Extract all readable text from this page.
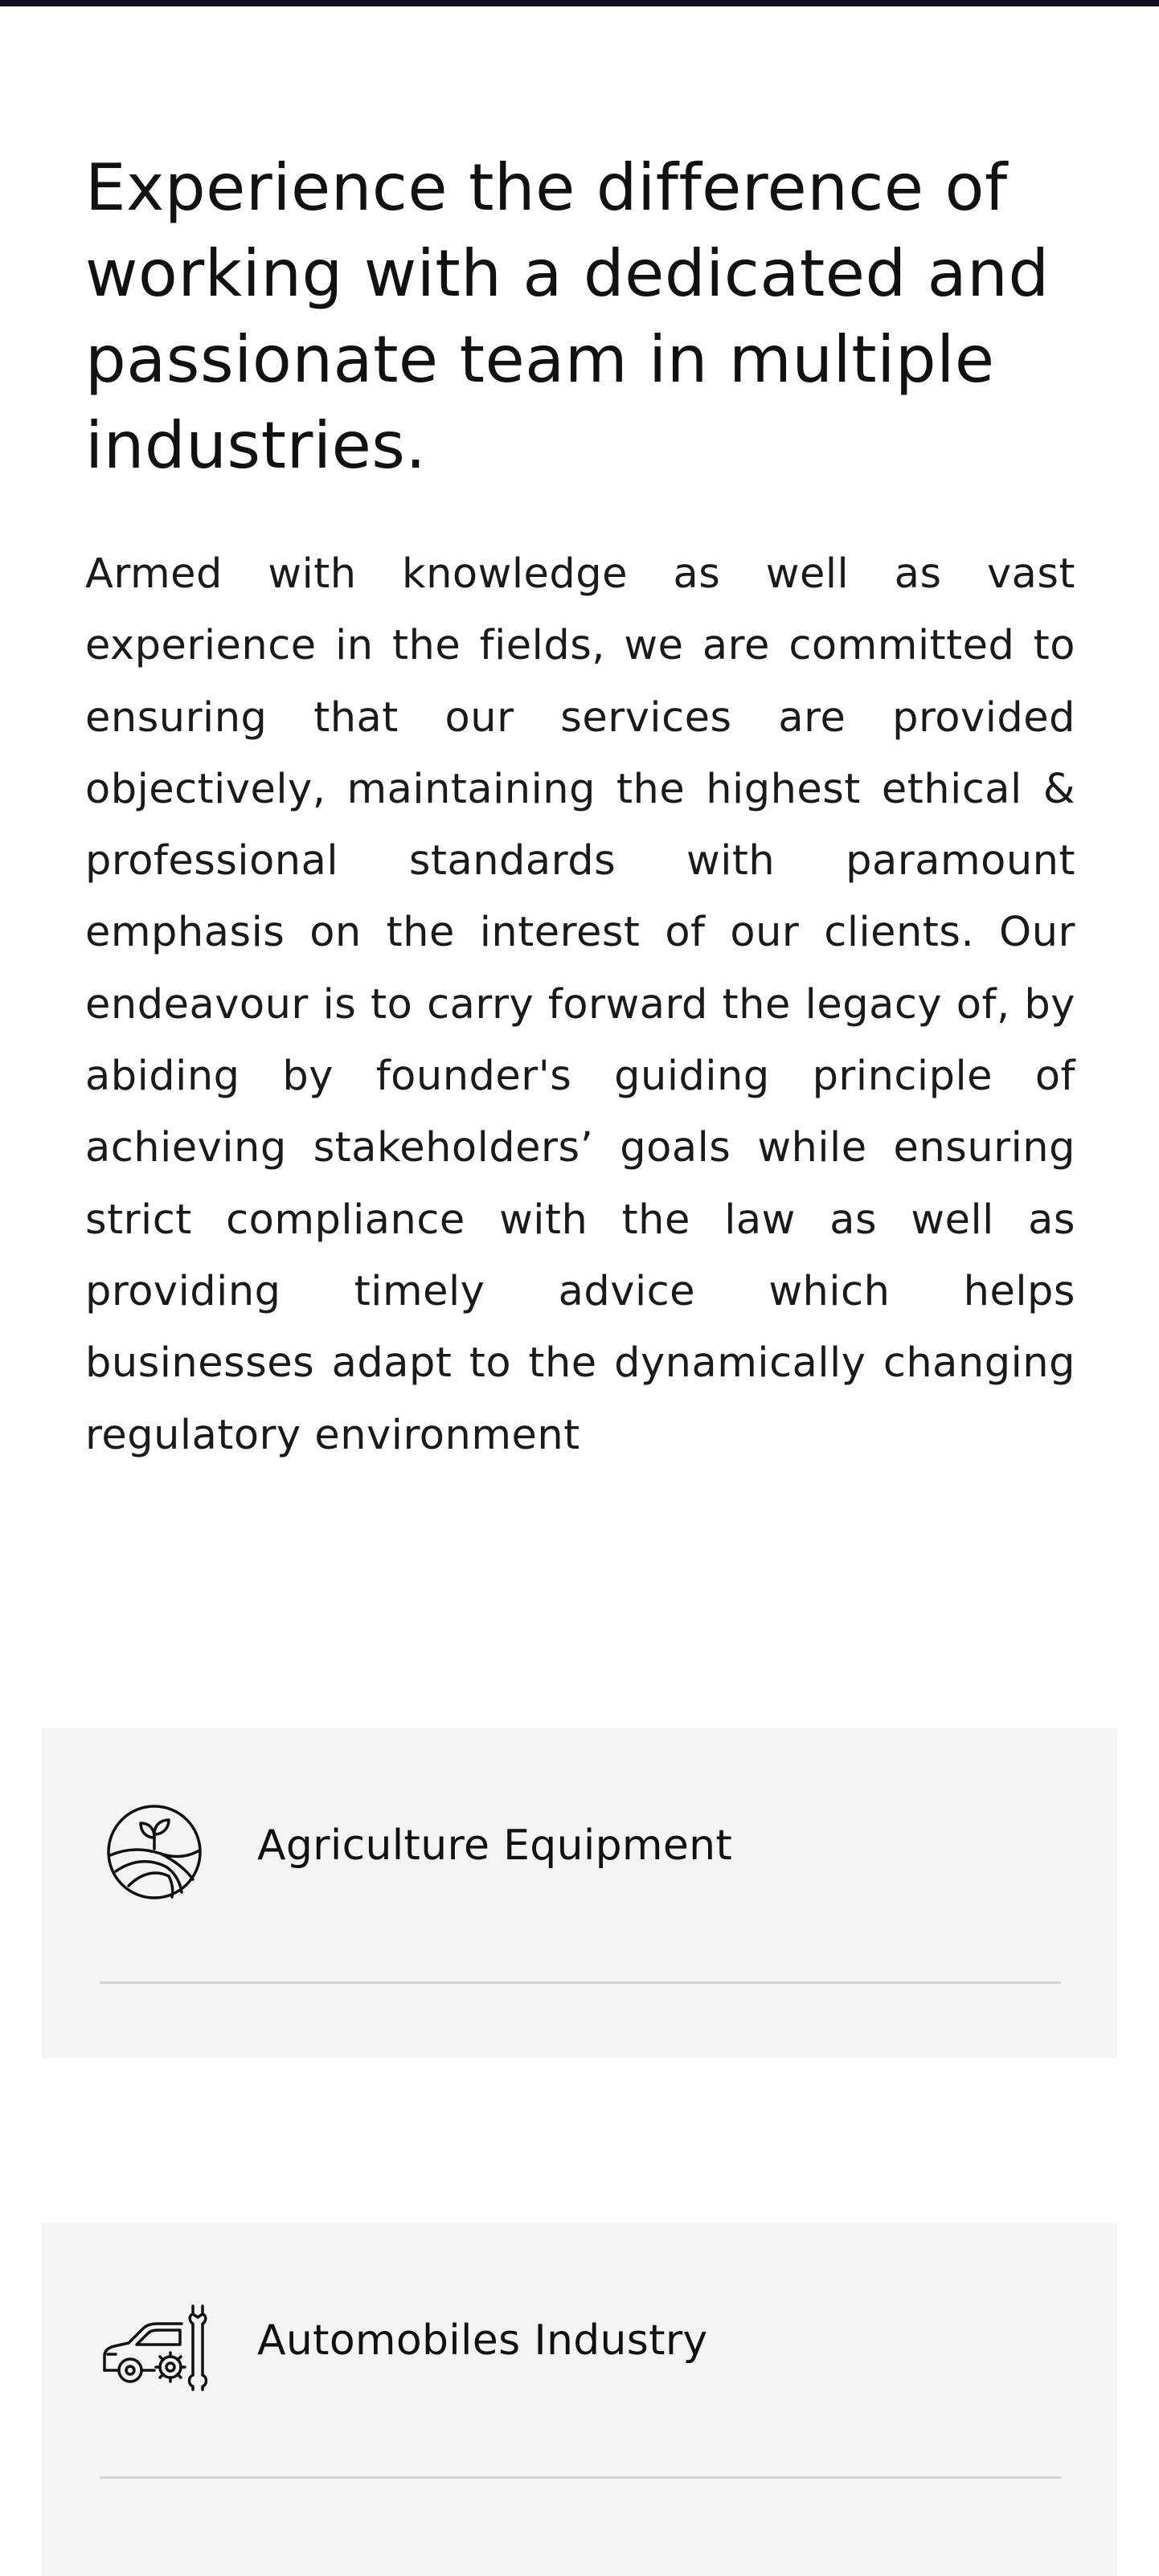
Experience the difference of working with a dedicated and passionate team in multiple industries.

Armed with knowledge as well as vast experience in the fields, we are committed to ensuring that our services are provided objectively, maintaining the highest ethical & professional standards with paramount emphasis on the interest of our clients. Our endeavour is to carry forward the legacy of, by abiding by founder's guiding principle of achieving stakeholders’ goals while ensuring strict compliance with the law as well as providing timely advice which helps businesses adapt to the dynamically changing regulatory environment

Agriculture Equipment
Automobiles Industry
